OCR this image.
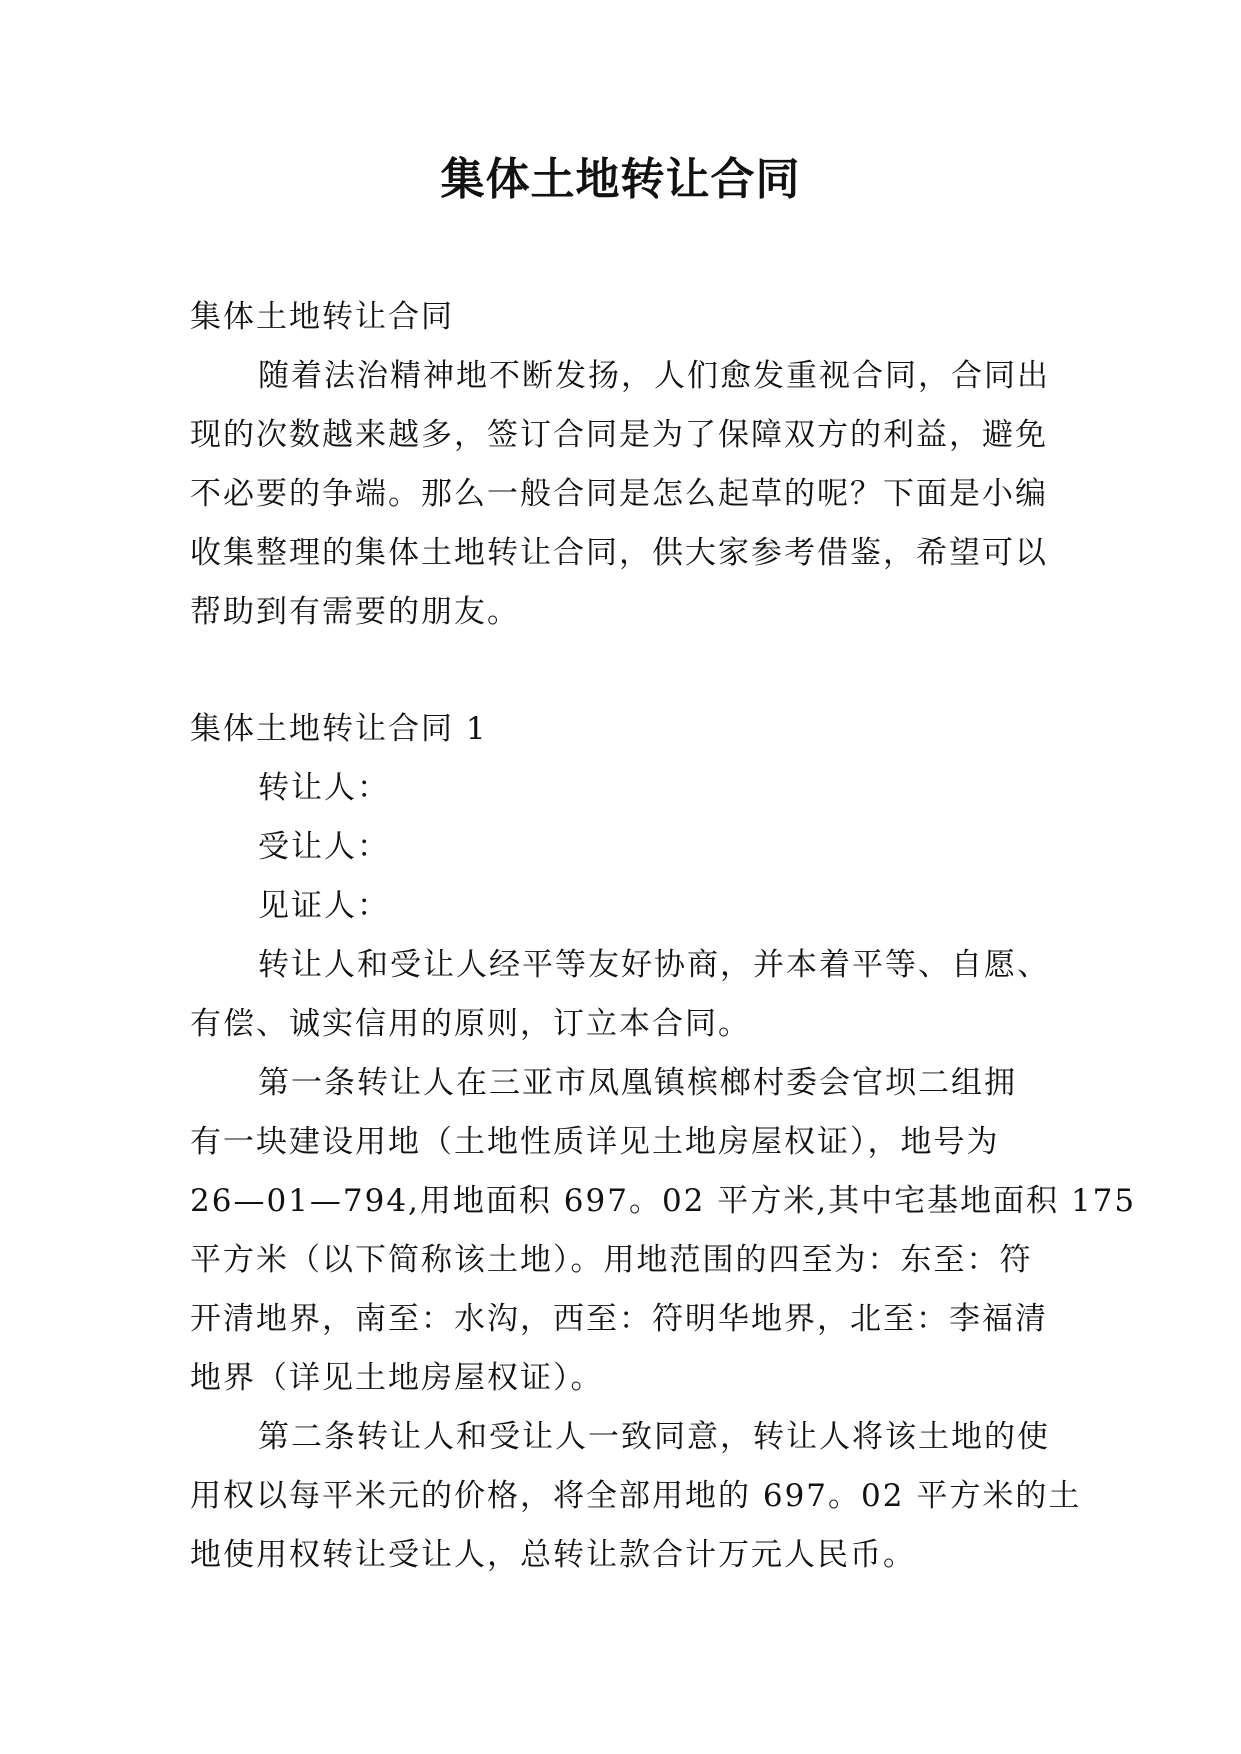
集体土地转让合同

集体土地转让合同

随着法治精神地不断发扬，人们愈发重视合同，合同出

现的次数越来越多，签订合同是为了保障双方的利益，避免

不必要的争端。那么一般合同是怎么起草的呢？下面是小编

收集整理的集体土地转让合同，供大家参考借鉴，希望可以

帮助到有需要的朋友。

集体土地转让合同 1

转让人：

受让人：

见证人：

转让人和受让人经平等友好协商，并本着平等、自愿、

有偿、诚实信用的原则，订立本合同。

第一条转让人在三亚市凤凰镇槟榔村委会官坝二组拥

有一块建设用地（土地性质详见土地房屋权证），地号为

26—01—794,用地面积 697。02 平方米,其中宅基地面积 175

平方米（以下简称该土地）。用地范围的四至为：东至：符

开清地界，南至：水沟，西至：符明华地界，北至：李福清

地界（详见土地房屋权证）。

第二条转让人和受让人一致同意，转让人将该土地的使

用权以每平米元的价格，将全部用地的 697。02 平方米的土

地使用权转让受让人，总转让款合计万元人民币。
